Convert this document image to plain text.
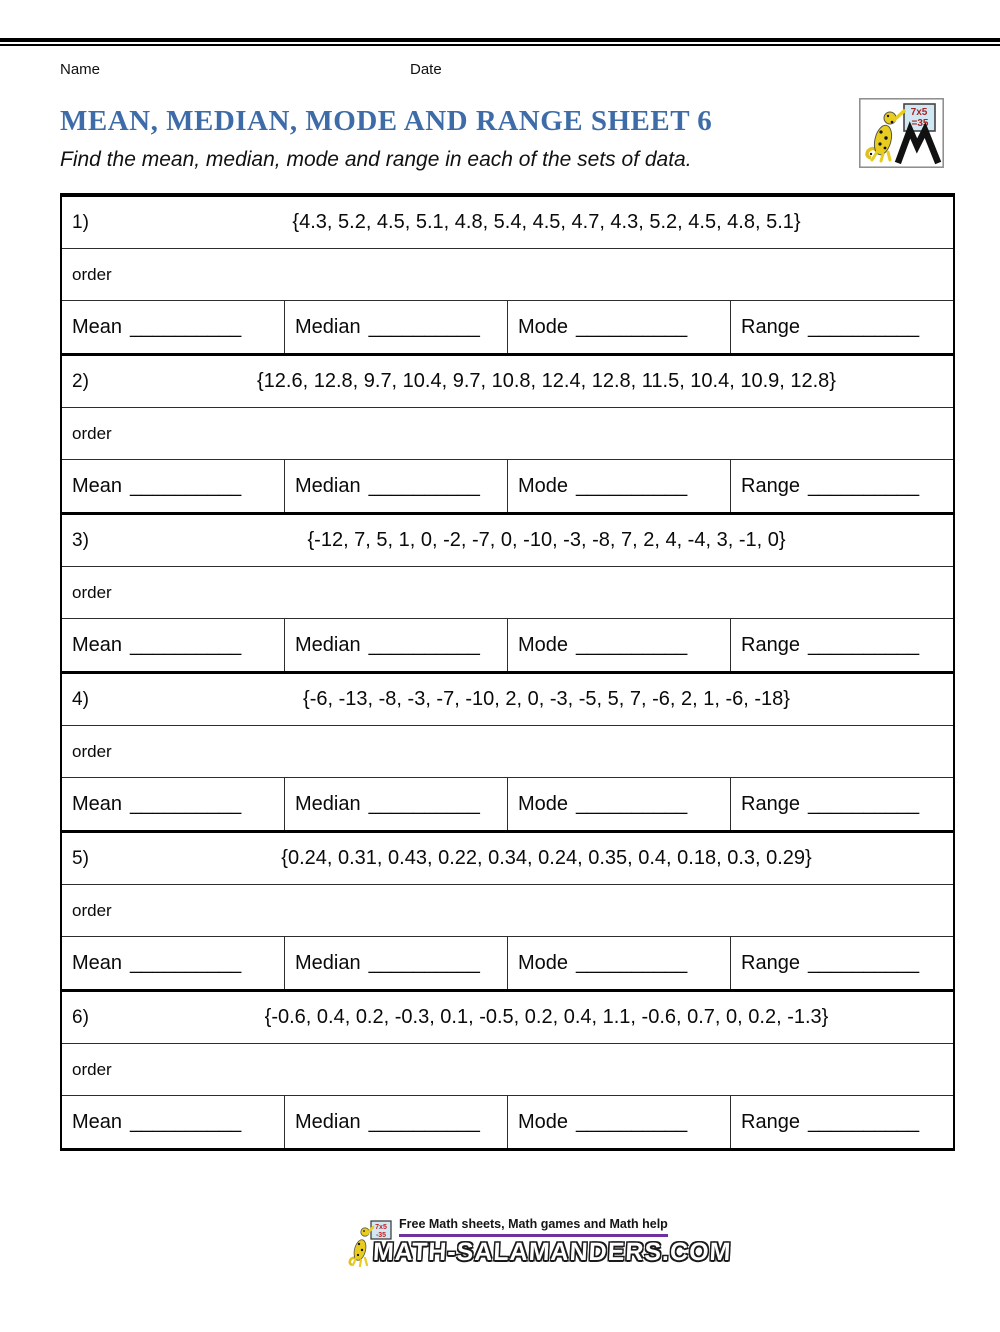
Name	Date
7x5
=35
MEAN, MEDIAN, MODE AND RANGE SHEET 6
Find the mean, median, mode and range in each of the sets of data.
1)	{4.3, 5.2, 4.5, 5.1, 4.8, 5.4, 4.5, 4.7, 4.3, 5.2, 4.5, 4.8, 5.1}
order
Mean __________	Median __________ Mode __________	Range __________
2)	{12.6, 12.8, 9.7, 10.4, 9.7, 10.8, 12.4, 12.8, 11.5, 10.4, 10.9, 12.8}
order
Mean __________	Median __________ Mode __________	Range __________
3)	{-12, 7, 5, 1, 0, -2, -7, 0, -10, -3, -8, 7, 2, 4, -4, 3, -1, 0}
order
Mean __________	Median __________ Mode __________	Range __________
4)	{-6, -13, -8, -3, -7, -10, 2, 0, -3, -5, 5, 7, -6, 2, 1, -6, -18}
order
Mean __________	Median __________ Mode __________	Range __________
5)	{0.24, 0.31, 0.43, 0.22, 0.34, 0.24, 0.35, 0.4, 0.18, 0.3, 0.29}
order
Mean __________	Median __________ Mode __________	Range __________
6)	{-0.6, 0.4, 0.2, -0.3, 0.1, -0.5, 0.2, 0.4, 1.1, -0.6, 0.7, 0, 0.2, -1.3}
order
Mean __________	Median __________ Mode __________	Range __________
7x5
-35
Free Math sheets, Math games and Math help
MATH-SALAMANDERS.COM
